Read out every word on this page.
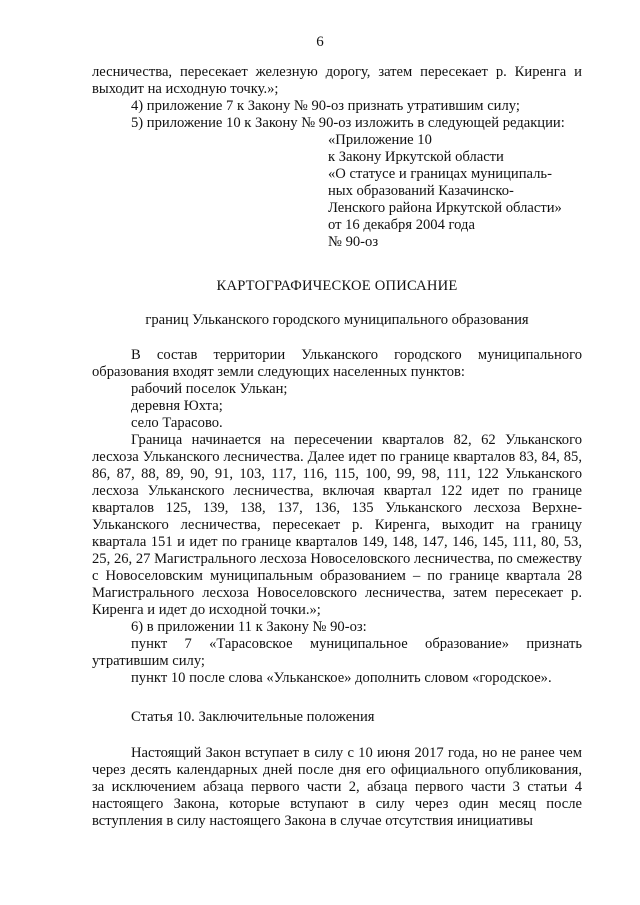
6

лесничества, пересекает железную дорогу, затем пересекает р. Киренга и выходит на исходную точку.»;

4) приложение 7 к Закону № 90-оз признать утратившим силу;

5) приложение 10 к Закону № 90-оз изложить в следующей редакции:

«Приложение 10

к Закону Иркутской области

«О статусе и границах муниципаль-

ных образований Казачинско-

Ленского района Иркутской области»

от 16 декабря 2004 года

№ 90-оз

КАРТОГРАФИЧЕСКОЕ ОПИСАНИЕ

границ Ульканского городского муниципального образования

В состав территории Ульканского городского муниципального образования входят земли следующих населенных пунктов:

рабочий поселок Улькан;

деревня Юхта;

село Тарасово.

Граница начинается на пересечении кварталов 82, 62 Ульканского лесхоза Ульканского лесничества. Далее идет по границе кварталов 83, 84, 85, 86, 87, 88, 89, 90, 91, 103, 117, 116, 115, 100, 99, 98, 111, 122 Ульканского лесхоза Ульканского лесничества, включая квартал 122 идет по границе кварталов 125, 139, 138, 137, 136, 135 Ульканского лесхоза Верхне-Ульканского лесничества, пересекает р. Киренга, выходит на границу квартала 151 и идет по границе кварталов 149, 148, 147, 146, 145, 111, 80, 53, 25, 26, 27 Магистрального лесхоза Новоселовского лесничества, по смежеству с Новоселовским муниципальным образованием – по границе квартала 28 Магистрального лесхоза Новоселовского лесничества, затем пересекает р. Киренга и идет до исходной точки.»;

6) в приложении 11 к Закону № 90-оз:

пункт 7 «Тарасовское муниципальное образование» признать утратившим силу;

пункт 10 после слова «Ульканское» дополнить словом «городское».

Статья 10. Заключительные положения

Настоящий Закон вступает в силу с 10 июня 2017 года, но не ранее чем через десять календарных дней после дня его официального опубликования, за исключением абзаца первого части 2, абзаца первого части 3 статьи 4 настоящего Закона, которые вступают в силу через один месяц после вступления в силу настоящего Закона в случае отсутствия инициативы
